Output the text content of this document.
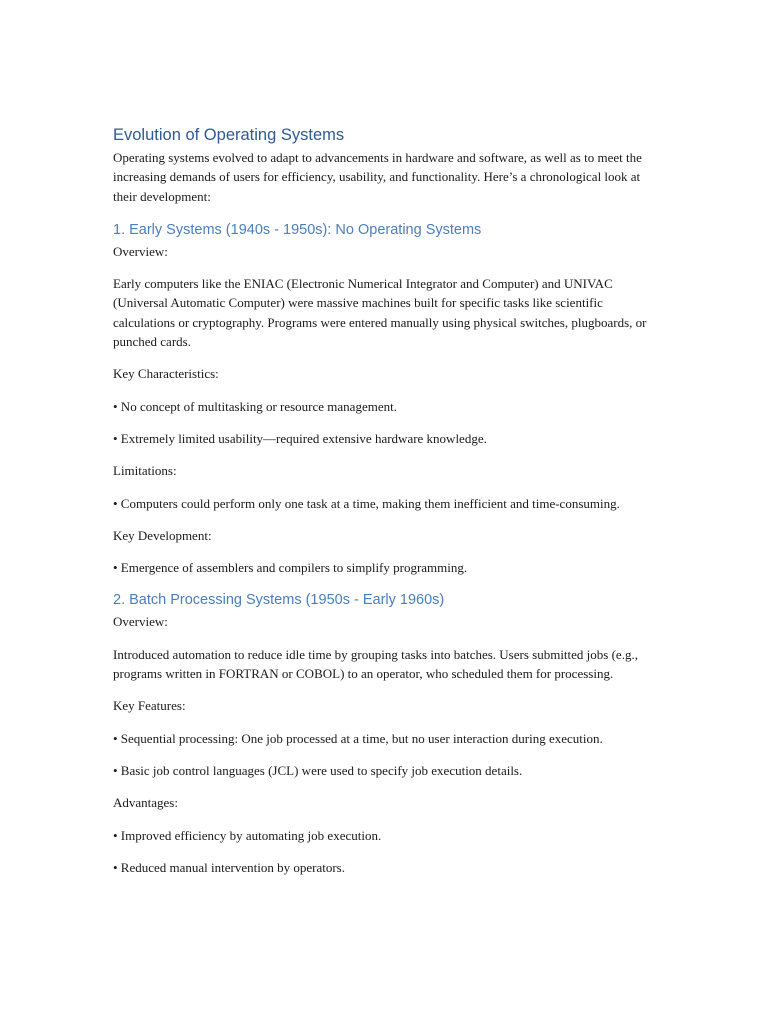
Evolution of Operating Systems

Operating systems evolved to adapt to advancements in hardware and software, as well as to meet the increasing demands of users for efficiency, usability, and functionality. Here’s a chronological look at their development:

1. Early Systems (1940s - 1950s): No Operating Systems

Overview:

Early computers like the ENIAC (Electronic Numerical Integrator and Computer) and UNIVAC (Universal Automatic Computer) were massive machines built for specific tasks like scientific calculations or cryptography. Programs were entered manually using physical switches, plugboards, or punched cards.

Key Characteristics:

• No concept of multitasking or resource management.

• Extremely limited usability—required extensive hardware knowledge.

Limitations:

• Computers could perform only one task at a time, making them inefficient and time-consuming.

Key Development:

• Emergence of assemblers and compilers to simplify programming.

2. Batch Processing Systems (1950s - Early 1960s)

Overview:

Introduced automation to reduce idle time by grouping tasks into batches. Users submitted jobs (e.g., programs written in FORTRAN or COBOL) to an operator, who scheduled them for processing.

Key Features:

• Sequential processing: One job processed at a time, but no user interaction during execution.

• Basic job control languages (JCL) were used to specify job execution details.

Advantages:

• Improved efficiency by automating job execution.

• Reduced manual intervention by operators.
